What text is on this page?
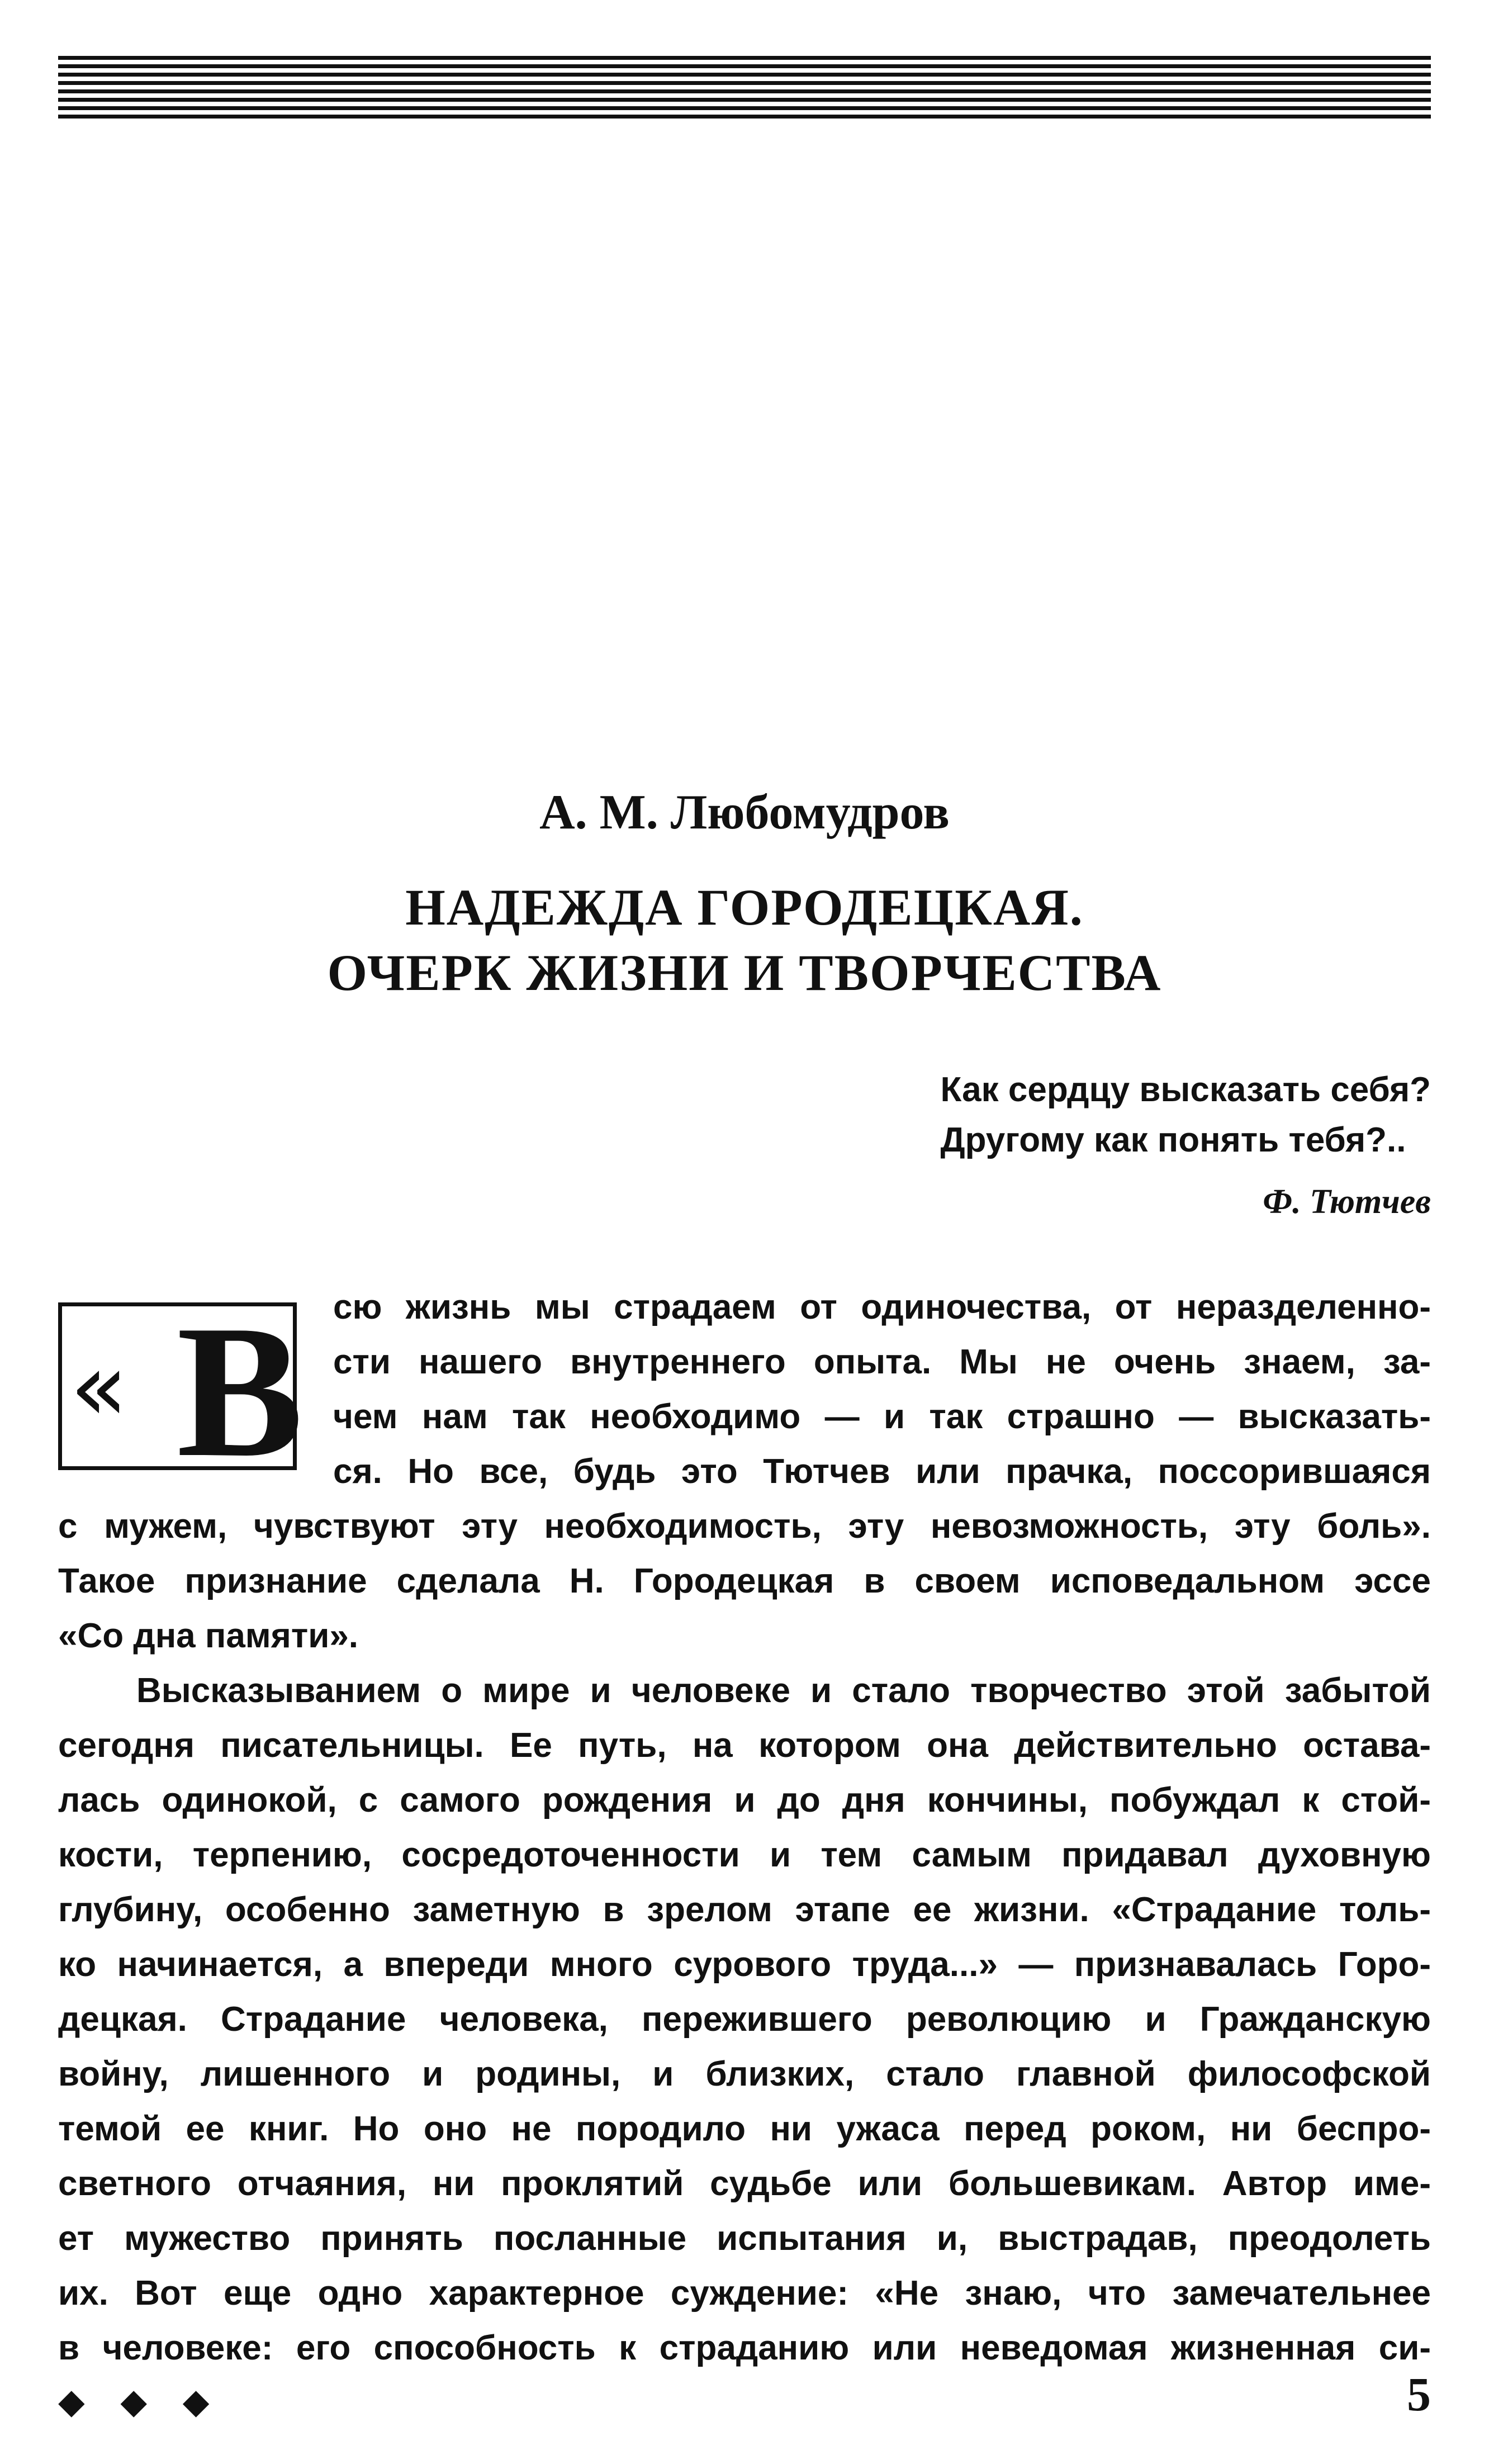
А. М. Любомудров
НАДЕЖДА ГОРОДЕЦКАЯ.
ОЧЕРК ЖИЗНИ И ТВОРЧЕСТВА
Как сердцу высказать себя?
Другому как понять тебя?..
Ф. Тютчев
сю жизнь мы страдаем от одиночества, от неразделенно-
сти нашего внутреннего опыта. Мы не очень знаем, за-
чем нам так необходимо — и так страшно — высказать-
ся. Но все, будь это Тютчев или прачка, поссорившаяся
с мужем, чувствуют эту необходимость, эту невозможность, эту боль».
Такое признание сделала Н. Городецкая в своем исповедальном эссе
«Со дна памяти».
Высказыванием о мире и человеке и стало творчество этой забытой
сегодня писательницы. Ее путь, на котором она действительно остава-
лась одинокой, с самого рождения и до дня кончины, побуждал к стой-
кости, терпению, сосредоточенности и тем самым придавал духовную
глубину, особенно заметную в зрелом этапе ее жизни. «Страдание толь-
ко начинается, а впереди много сурового труда...» — признавалась Горо-
децкая. Страдание человека, пережившего революцию и Гражданскую
войну, лишенного и родины, и близких, стало главной философской
темой ее книг. Но оно не породило ни ужаса перед роком, ни беспро-
светного отчаяния, ни проклятий судьбе или большевикам. Автор име-
ет мужество принять посланные испытания и, выстрадав, преодолеть
их. Вот еще одно характерное суждение: «Не знаю, что замечательнее
в человеке: его способность к страданию или неведомая жизненная си-
« В
◆ ◆ ◆	5
